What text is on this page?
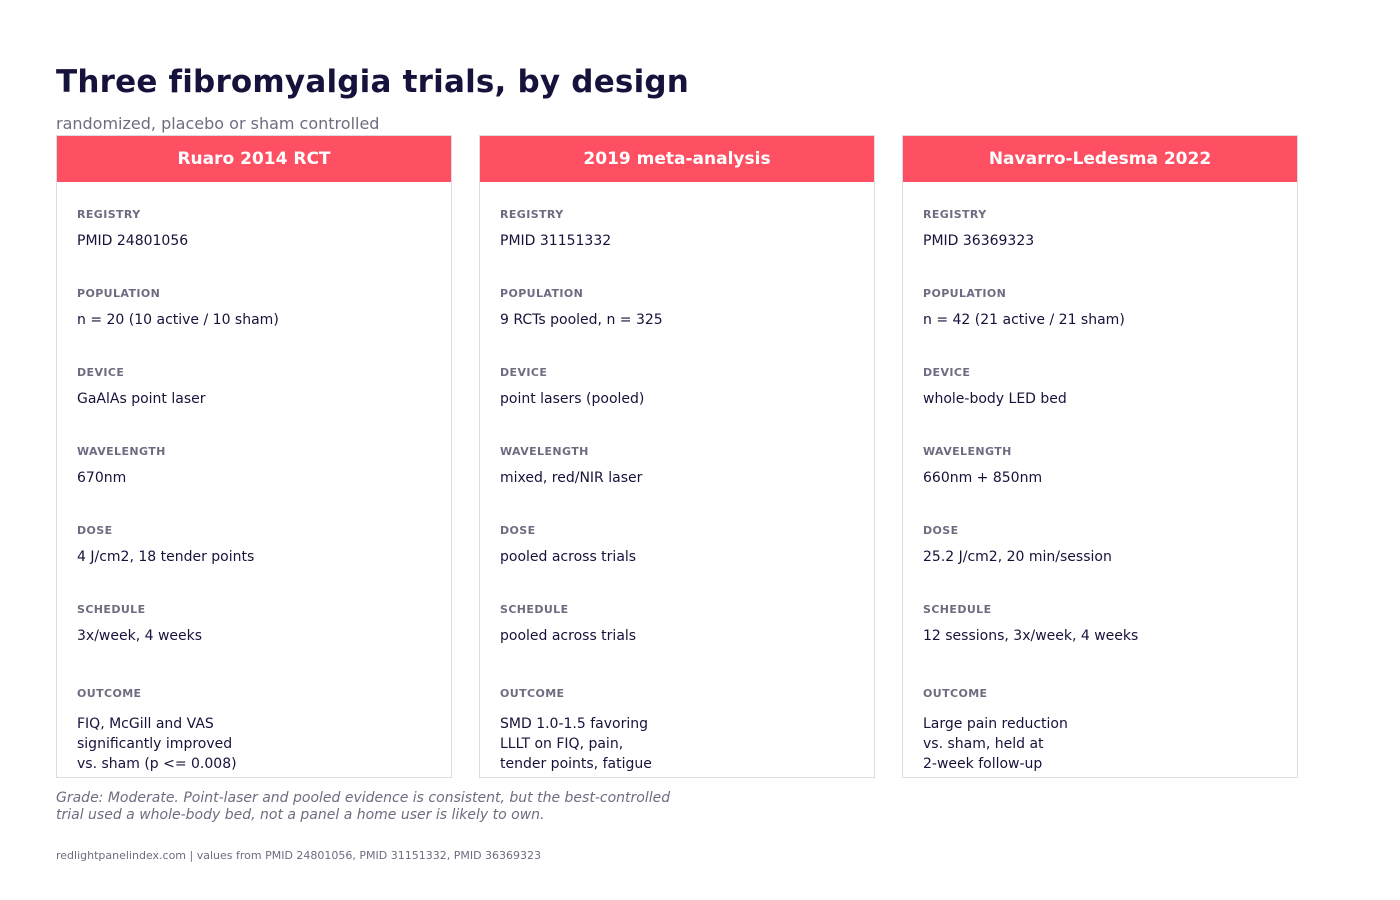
Three fibromyalgia trials, by design
randomized, placebo or sham controlled
Ruaro 2014 RCT
REGISTRY
PMID 24801056
POPULATION
n = 20 (10 active / 10 sham)
DEVICE
GaAlAs point laser
WAVELENGTH
670nm
DOSE
4 J/cm2, 18 tender points
SCHEDULE
3x/week, 4 weeks
OUTCOME
FIQ, McGill and VAS
significantly improved
vs. sham (p <= 0.008)
2019 meta-analysis
REGISTRY
PMID 31151332
POPULATION
9 RCTs pooled, n = 325
DEVICE
point lasers (pooled)
WAVELENGTH
mixed, red/NIR laser
DOSE
pooled across trials
SCHEDULE
pooled across trials
OUTCOME
SMD 1.0-1.5 favoring
LLLT on FIQ, pain,
tender points, fatigue
Navarro-Ledesma 2022
REGISTRY
PMID 36369323
POPULATION
n = 42 (21 active / 21 sham)
DEVICE
whole-body LED bed
WAVELENGTH
660nm + 850nm
DOSE
25.2 J/cm2, 20 min/session
SCHEDULE
12 sessions, 3x/week, 4 weeks
OUTCOME
Large pain reduction
vs. sham, held at
2-week follow-up
Grade: Moderate. Point-laser and pooled evidence is consistent, but the best-controlled
trial used a whole-body bed, not a panel a home user is likely to own.
redlightpanelindex.com | values from PMID 24801056, PMID 31151332, PMID 36369323
